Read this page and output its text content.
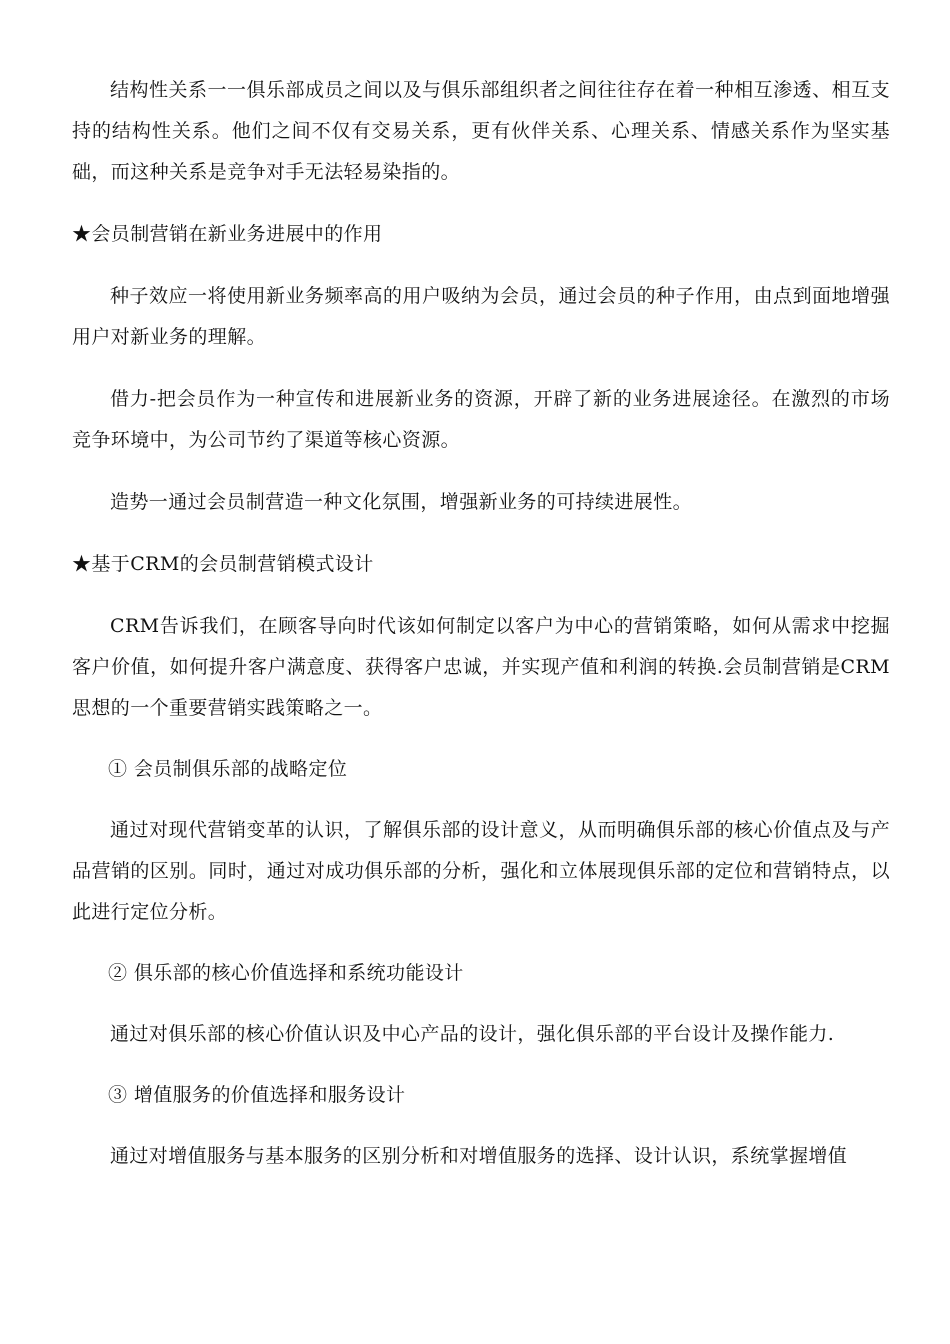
结构性关系一一俱乐部成员之间以及与俱乐部组织者之间往往存在着一种相互渗透、相互支持的结构性关系。他们之间不仅有交易关系，更有伙伴关系、心理关系、情感关系作为坚实基础，而这种关系是竞争对手无法轻易染指的。

★会员制营销在新业务进展中的作用

种子效应一将使用新业务频率高的用户吸纳为会员，通过会员的种子作用，由点到面地增强用户对新业务的理解。

借力-把会员作为一种宣传和进展新业务的资源，开辟了新的业务进展途径。在激烈的市场竞争环境中，为公司节约了渠道等核心资源。

造势一通过会员制营造一种文化氛围，增强新业务的可持续进展性。

★基于CRM的会员制营销模式设计

CRM告诉我们，在顾客导向时代该如何制定以客户为中心的营销策略，如何从需求中挖掘客户价值，如何提升客户满意度、获得客户忠诚，并实现产值和利润的转换.会员制营销是CRM思想的一个重要营销实践策略之一。

① 会员制俱乐部的战略定位

通过对现代营销变革的认识，了解俱乐部的设计意义，从而明确俱乐部的核心价值点及与产品营销的区别。同时，通过对成功俱乐部的分析，强化和立体展现俱乐部的定位和营销特点，以此进行定位分析。

② 俱乐部的核心价值选择和系统功能设计

通过对俱乐部的核心价值认识及中心产品的设计，强化俱乐部的平台设计及操作能力.

③ 增值服务的价值选择和服务设计

通过对增值服务与基本服务的区别分析和对增值服务的选择、设计认识，系统掌握增值
